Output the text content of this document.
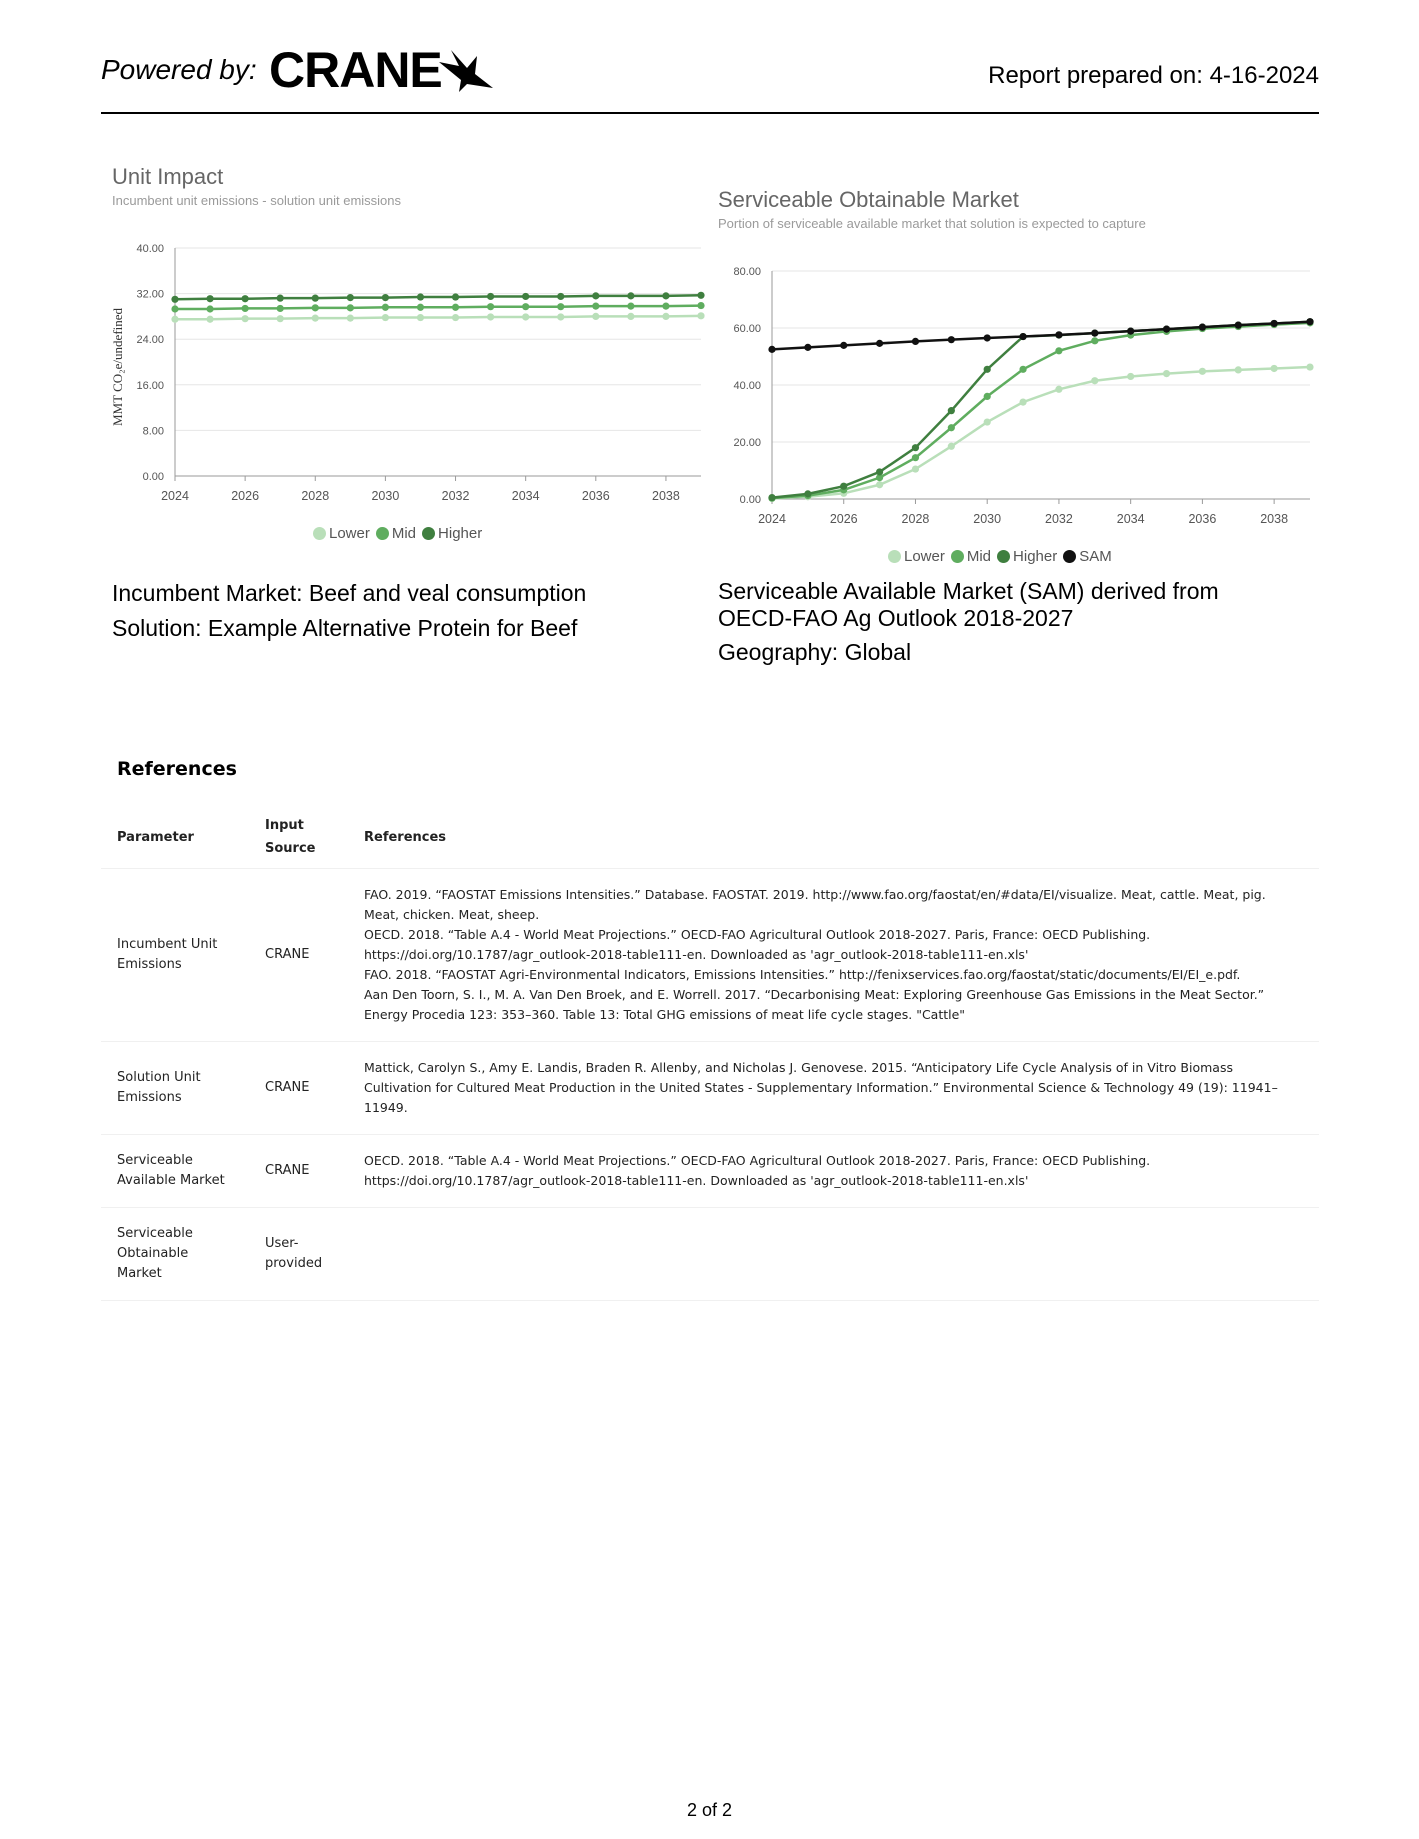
Powered by: CRANE	Report prepared on: 4-16-2024
Unit Impact
Incumbent unit emissions - solution unit emissions
MMT CO₂e/undefined
0.00
8.00
16.00
24.00
32.00
40.00
2024	2026	2028	2030	2032	2034	2036	2038
Lower Mid Higher
Serviceable Obtainable Market
Portion of serviceable available market that solution is expected to capture
0.00
20.00
40.00
60.00
80.00
2024	2026	2028	2030	2032	2034	2036	2038
Lower Mid Higher SAM
Incumbent Market: Beef and veal consumption
Solution: Example Alternative Protein for Beef
Serviceable Available Market (SAM) derived from
OECD-FAO Ag Outlook 2018-2027
Geography: Global
References
Parameter	Input Source	References
Incumbent Unit Emissions	CRANE	FAO. 2019. “FAOSTAT Emissions Intensities.” Database. FAOSTAT. 2019. http://www.fao.org/faostat/en/#data/EI/visualize. Meat, cattle. Meat, pig. Meat, chicken. Meat, sheep.
OECD. 2018. “Table A.4 - World Meat Projections.” OECD-FAO Agricultural Outlook 2018-2027. Paris, France: OECD Publishing. https://doi.org/10.1787/agr_outlook-2018-table111-en. Downloaded as 'agr_outlook-2018-table111-en.xls'
FAO. 2018. “FAOSTAT Agri-Environmental Indicators, Emissions Intensities.” http://fenixservices.fao.org/faostat/static/documents/EI/EI_e.pdf.
Aan Den Toorn, S. I., M. A. Van Den Broek, and E. Worrell. 2017. “Decarbonising Meat: Exploring Greenhouse Gas Emissions in the Meat Sector.” Energy Procedia 123: 353–360. Table 13: Total GHG emissions of meat life cycle stages. "Cattle"

Solution Unit Emissions	CRANE	Mattick, Carolyn S., Amy E. Landis, Braden R. Allenby, and Nicholas J. Genovese. 2015. “Anticipatory Life Cycle Analysis of in Vitro Biomass Cultivation for Cultured Meat Production in the United States - Supplementary Information.” Environmental Science & Technology 49 (19): 11941–11949.

Serviceable Available Market	CRANE	OECD. 2018. “Table A.4 - World Meat Projections.” OECD-FAO Agricultural Outlook 2018-2027. Paris, France: OECD Publishing. https://doi.org/10.1787/agr_outlook-2018-table111-en. Downloaded as 'agr_outlook-2018-table111-en.xls'

Serviceable Obtainable Market	User-provided	
2 of 2
